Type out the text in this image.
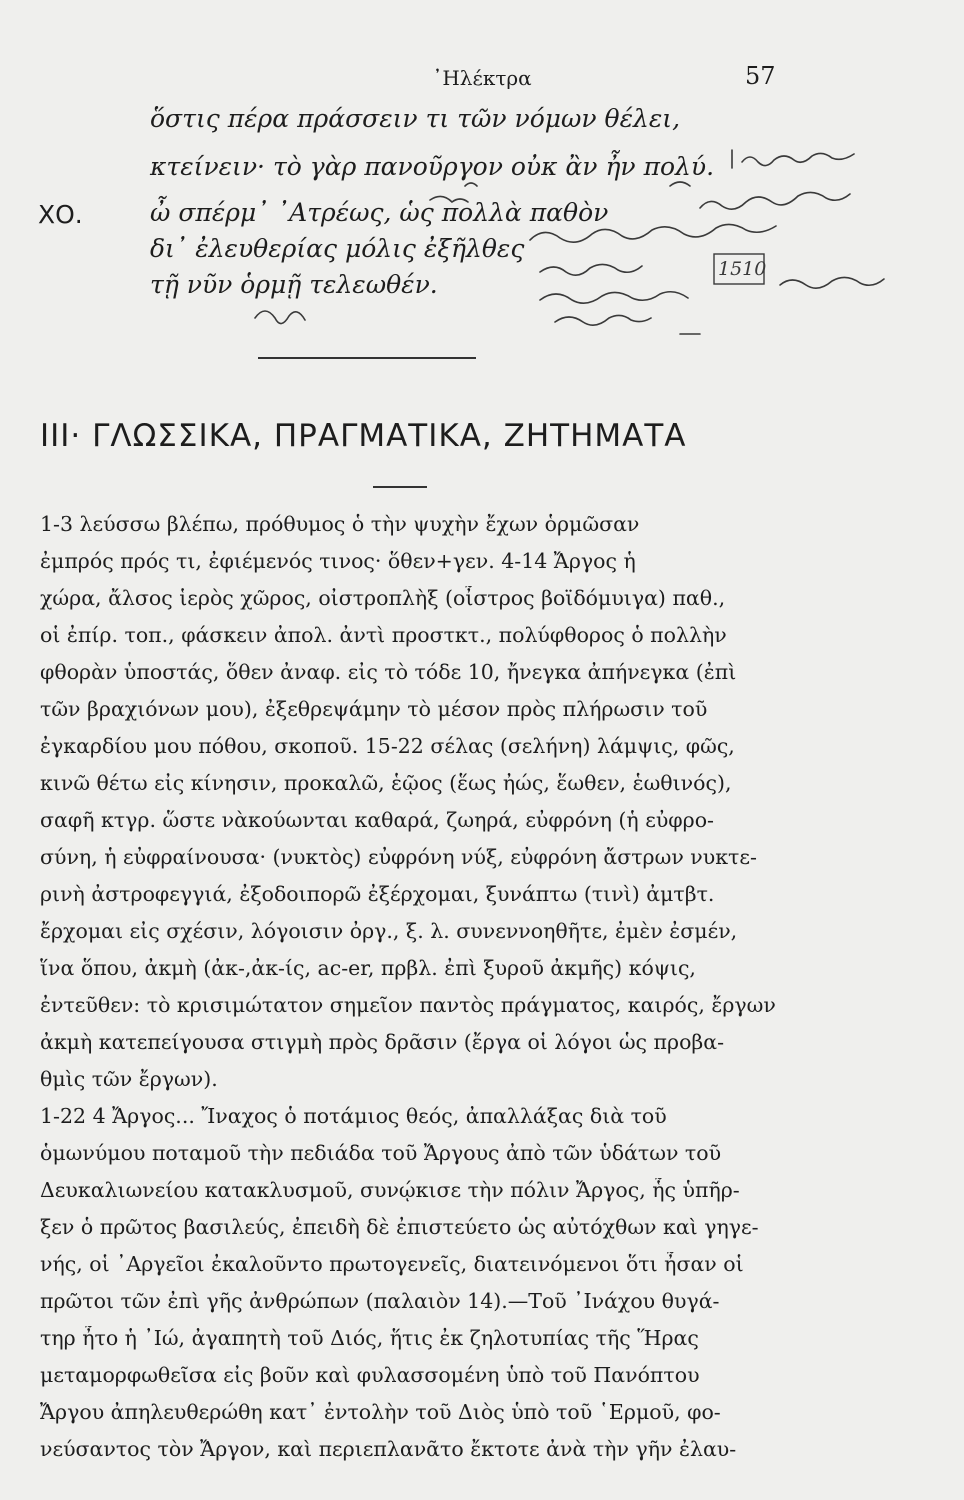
᾿Ηλέκτρα	57
ὅστις πέρα πράσσειν τι τῶν νόμων θέλει,
κτείνειν· τὸ γὰρ πανοῦργον οὐκ ἂν ἦν πολύ.
ΧΟ.	ὦ σπέρμ᾿ ᾿Ατρέως, ὡς πολλὰ παθὸν
δι᾿ ἐλευθερίας μόλις ἐξῆλθες
τῇ νῦν ὁρμῇ τελεωθέν.
1510
III· ΓΛΩΣΣΙΚΑ, ΠΡΑΓΜΑΤΙΚΑ, ΖΗΤΗΜΑΤΑ
1-3 λεύσσω βλέπω, πρόθυμος ὁ τὴν ψυχὴν ἔχων ὁρμῶσαν
ἐμπρός πρός τι, ἐφιέμενός τινος· ὅθεν+γεν. 4-14 Ἄργος ἡ
χώρα, ἄλσος ἱερὸς χῶρος, οἰστροπλὴξ (οἶστρος βοϊδόμυιγα) παθ.,
οἱ ἐπίρ. τοπ., φάσκειν ἀπολ. ἀντὶ προστκτ., πολύφθορος ὁ πολλὴν
φθορὰν ὑποστάς, ὅθεν ἀναφ. εἰς τὸ τόδε 10, ἤνεγκα ἀπήνεγκα (ἐπὶ
τῶν βραχιόνων μου), ἐξεθρεψάμην τὸ μέσον πρὸς πλήρωσιν τοῦ
ἐγκαρδίου μου πόθου, σκοποῦ. 15-22 σέλας (σελήνη) λάμψις, φῶς,
κινῶ θέτω εἰς κίνησιν, προκαλῶ, ἑῷος (ἕως ἠώς, ἕωθεν, ἑωθινός),
σαφῆ κτγρ. ὥστε νὰκούωνται καθαρά, ζωηρά, εὐφρόνη (ἡ εὐφρο-
σύνη, ἡ εὐφραίνουσα· (νυκτὸς) εὐφρόνη νύξ, εὐφρόνη ἄστρων νυκτε-
ρινὴ ἀστροφεγγιά, ἐξοδοιπορῶ ἐξέρχομαι, ξυνάπτω (τινὶ) ἀμτβτ.
ἔρχομαι εἰς σχέσιν, λόγοισιν ὀργ., ξ. λ. συνεννοηθῆτε, ἐμὲν ἐσμέν,
ἵνα ὅπου, ἀκμὴ (ἀκ-,ἀκ-ίς, ac-er, πρβλ. ἐπὶ ξυροῦ ἀκμῆς) κόψις,
ἐντεῦθεν: τὸ κρισιμώτατον σημεῖον παντὸς πράγματος, καιρός, ἔργων
ἀκμὴ κατεπείγουσα στιγμὴ πρὸς δρᾶσιν (ἔργα οἱ λόγοι ὡς προβα-
θμὶς τῶν ἔργων).
1-22 4 Ἄργος... Ἴναχος ὁ ποτάμιος θεός, ἀπαλλάξας διὰ τοῦ
ὁμωνύμου ποταμοῦ τὴν πεδιάδα τοῦ Ἄργους ἀπὸ τῶν ὑδάτων τοῦ
Δευκαλιωνείου κατακλυσμοῦ, συνῴκισε τὴν πόλιν Ἄργος, ἧς ὑπῆρ-
ξεν ὁ πρῶτος βασιλεύς, ἐπειδὴ δὲ ἐπιστεύετο ὡς αὐτόχθων καὶ γηγε-
νής, οἱ ᾿Αργεῖοι ἐκαλοῦντο πρωτογενεῖς, διατεινόμενοι ὅτι ἦσαν οἱ
πρῶτοι τῶν ἐπὶ γῆς ἀνθρώπων (παλαιὸν 14).—Τοῦ ᾿Ινάχου θυγά-
τηρ ἦτο ἡ ᾿Ιώ, ἀγαπητὴ τοῦ Διός, ἥτις ἐκ ζηλοτυπίας τῆς Ἥρας
μεταμορφωθεῖσα εἰς βοῦν καὶ φυλασσομένη ὑπὸ τοῦ Πανόπτου
Ἄργου ἀπηλευθερώθη κατ᾿ ἐντολὴν τοῦ Διὸς ὑπὸ τοῦ ῾Ερμοῦ, φο-
νεύσαντος τὸν Ἄργον, καὶ περιεπλανᾶτο ἔκτοτε ἀνὰ τὴν γῆν ἐλαυ-
